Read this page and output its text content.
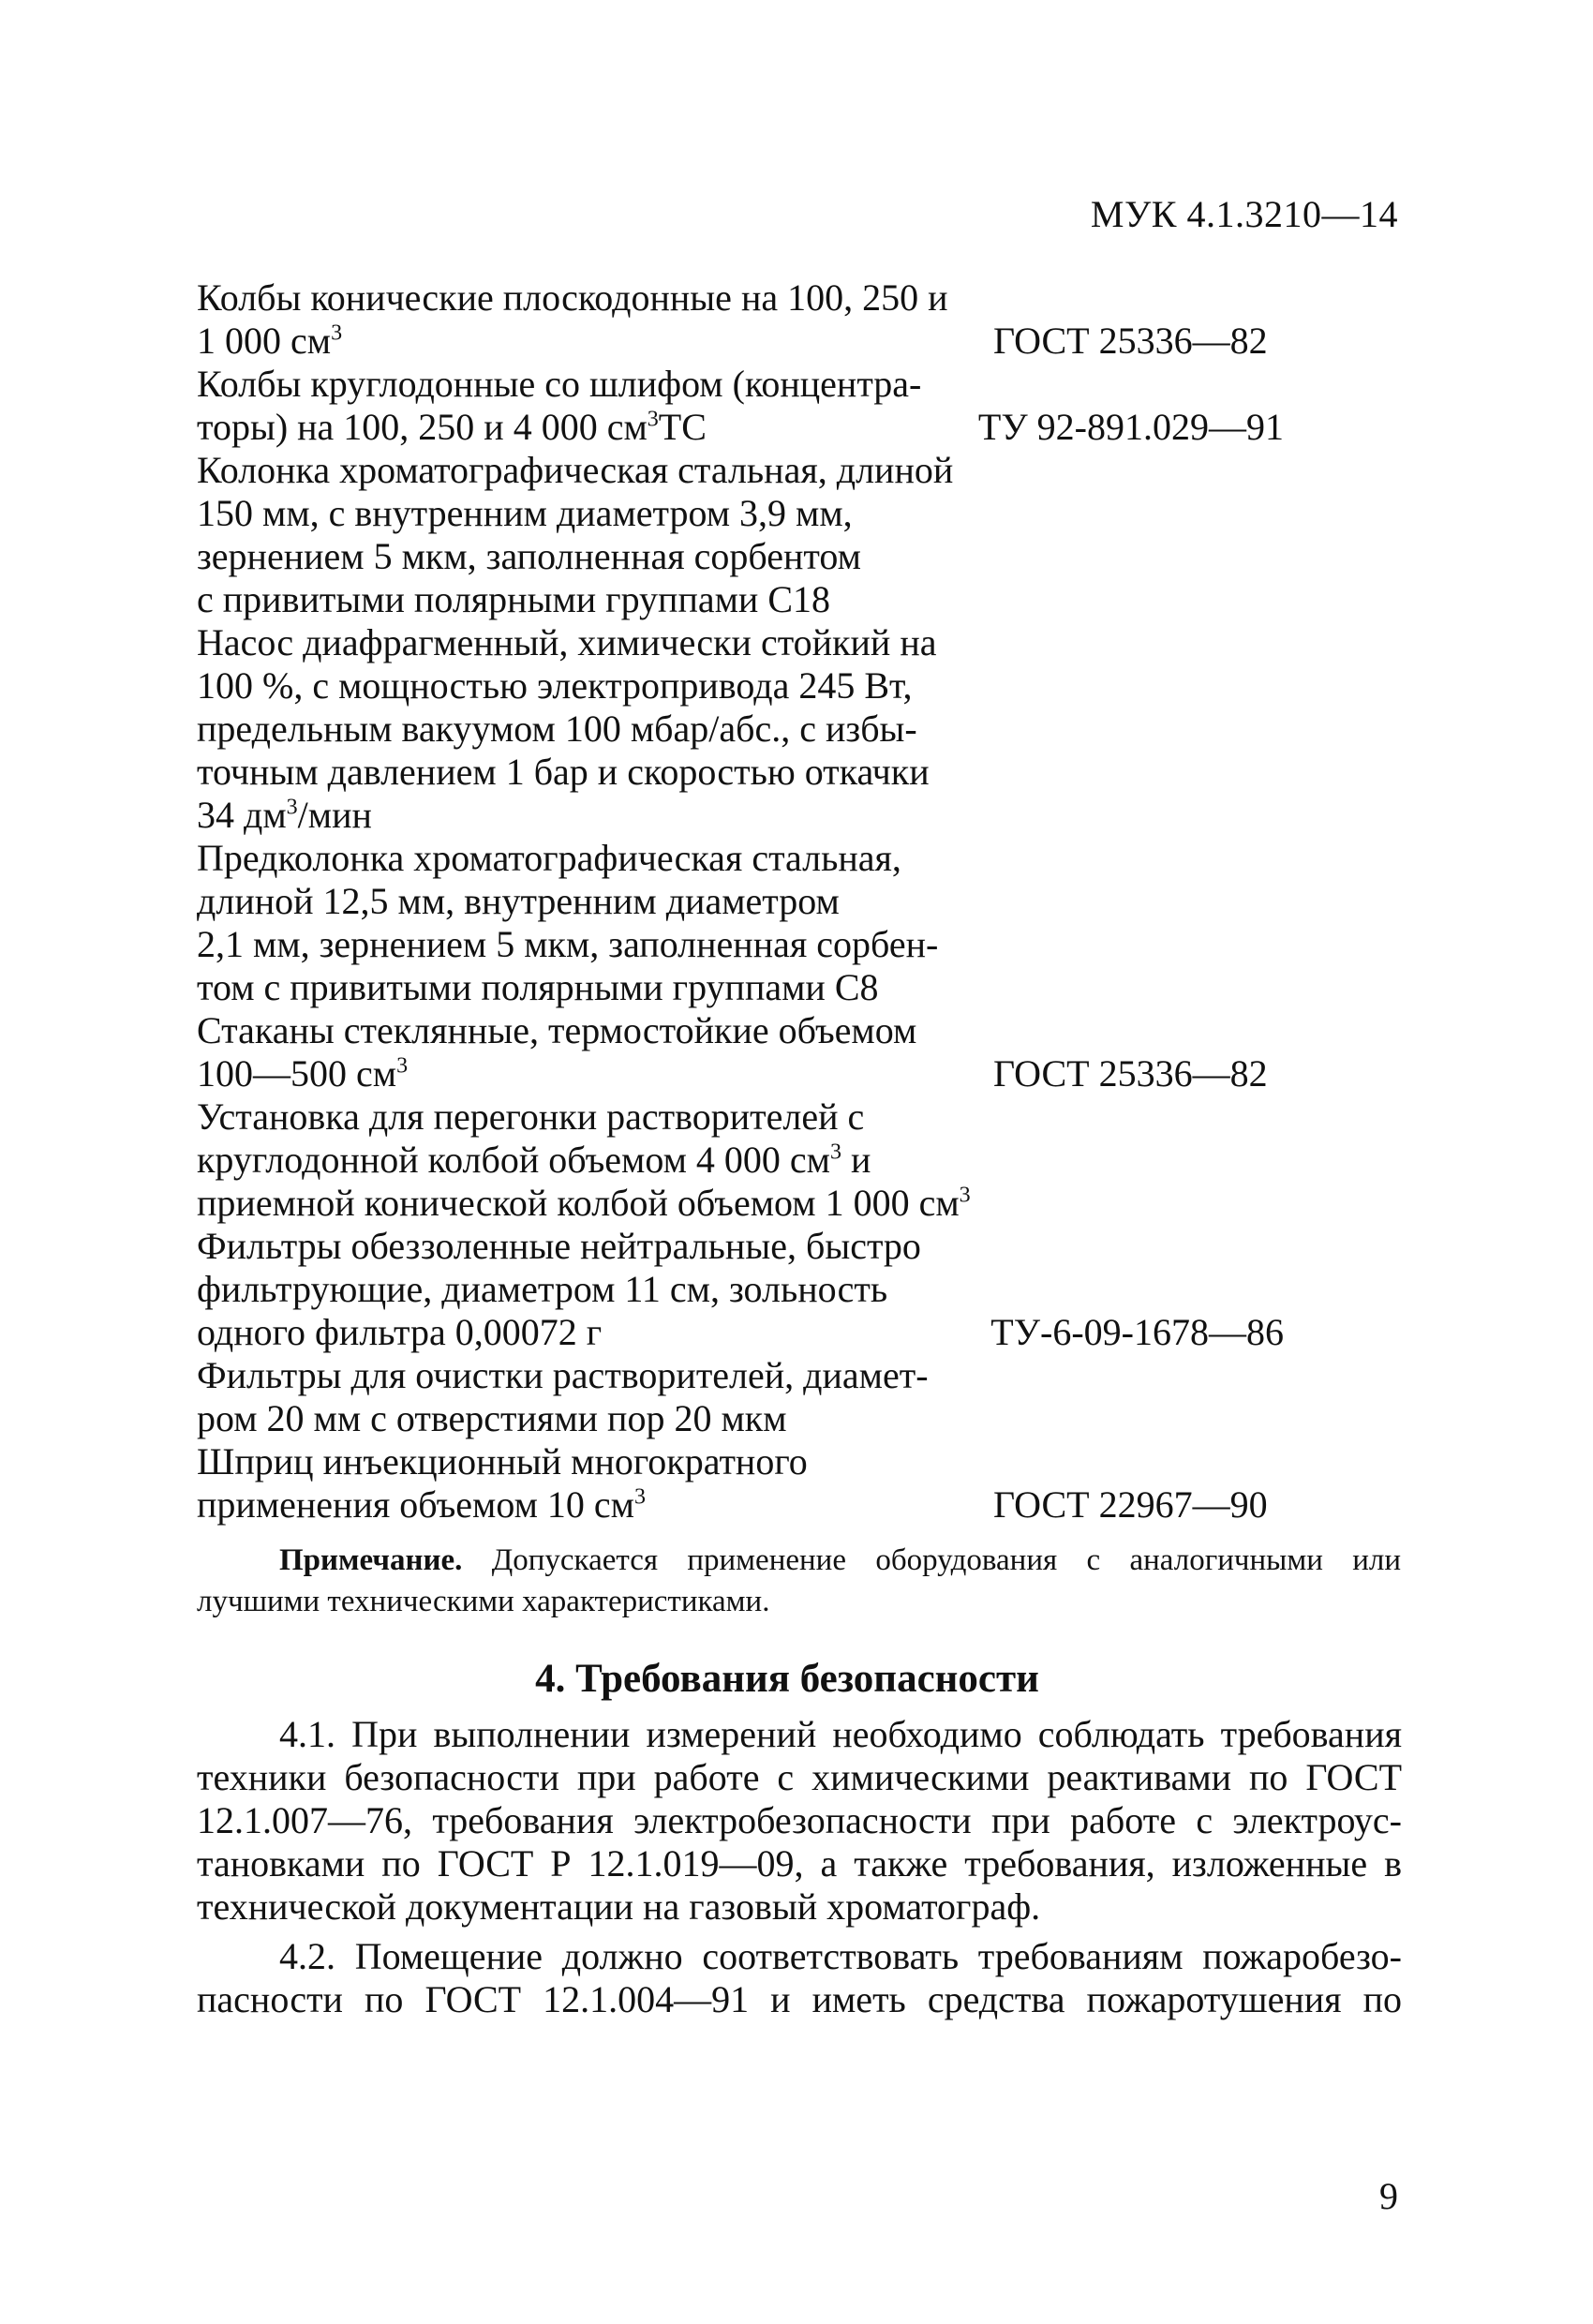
МУК 4.1.3210—14
Колбы конические плоскодонные на 100, 250 и
1 000 $см^3$	ГОСТ 25336—82
Колбы круглодонные со шлифом (концентра-
торы) на 100, 250 и 4 000 $см^3ТС$	ТУ 92-891.029—91
Колонка хроматографическая стальная, длиной
150 мм, с внутренним диаметром 3,9 мм,
зернением 5 мкм, заполненная сорбентом
с привитыми полярными группами С18
Насос диафрагменный, химически стойкий на
100 %, с мощностью электропривода 245 Вт,
предельным вакуумом 100 мбар/абс., с избы-
точным давлением 1 бар и скоростью откачки
34 $дм^3$/мин
Предколонка хроматографическая стальная,
длиной 12,5 мм, внутренним диаметром
2,1 мм, зернением 5 мкм, заполненная сорбен-
том с привитыми полярными группами С8
Стаканы стеклянные, термостойкие объемом
100—500 $см^3$	ГОСТ 25336—82
Установка для перегонки растворителей с
круглодонной колбой объемом 4 000 $см^3$ и
приемной конической колбой объемом 1 000 $см^3$
Фильтры обеззоленные нейтральные, быстро
фильтрующие, диаметром 11 см, зольность
одного фильтра 0,00072 г	ТУ-6-09-1678—86
Фильтры для очистки растворителей, диамет-
ром 20 мм с отверстиями пор 20 мкм
Шприц инъекционный многократного
применения объемом 10 $см^3$	ГОСТ 22967—90
Примечание. Допускается применение оборудования с аналогичными или
лучшими техническими характеристиками.
4. Требования безопасности
4.1. При выполнении измерений необходимо соблюдать требования
техники безопасности при работе с химическими реактивами по ГОСТ
12.1.007—76, требования электробезопасности при работе с электроус-
тановками по ГОСТ Р 12.1.019—09, а также требования, изложенные в
технической документации на газовый хроматограф.
4.2. Помещение должно соответствовать требованиям пожаробезо-
пасности по ГОСТ 12.1.004—91 и иметь средства пожаротушения по
9
